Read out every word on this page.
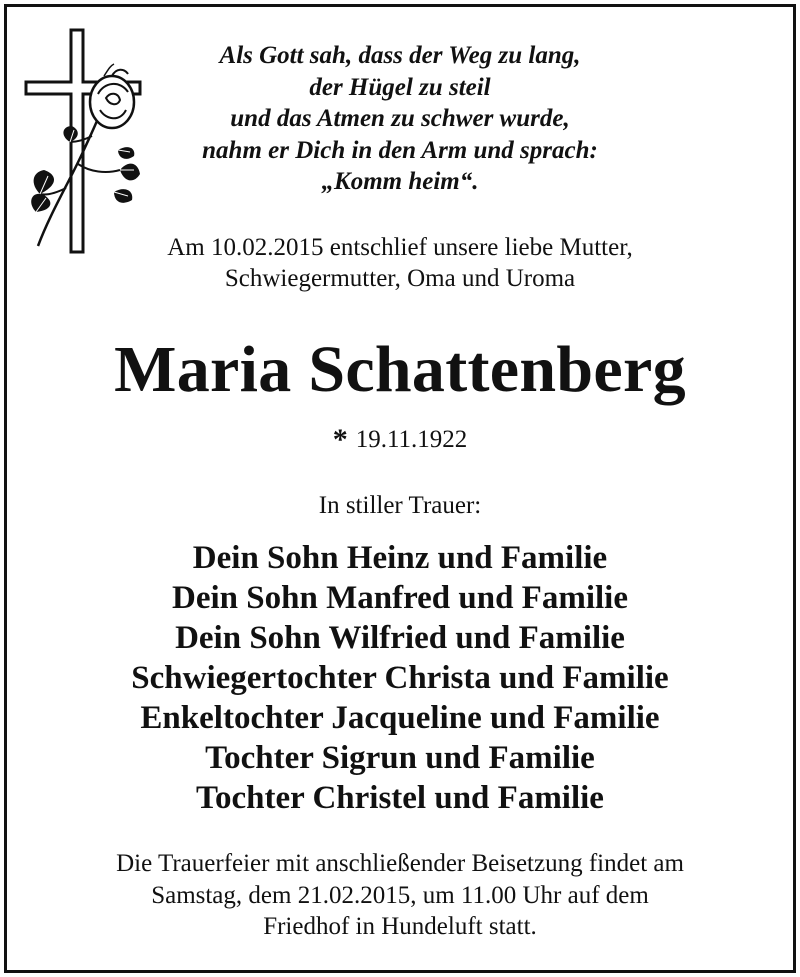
Als Gott sah, dass der Weg zu lang,
der Hügel zu steil
und das Atmen zu schwer wurde,
nahm er Dich in den Arm und sprach:
„Komm heim“.
Am 10.02.2015 entschlief unsere liebe Mutter,
Schwiegermutter, Oma und Uroma
Maria Schattenberg
* 19.11.1922
In stiller Trauer:
Dein Sohn Heinz und Familie
Dein Sohn Manfred und Familie
Dein Sohn Wilfried und Familie
Schwiegertochter Christa und Familie
Enkeltochter Jacqueline und Familie
Tochter Sigrun und Familie
Tochter Christel und Familie
Die Trauerfeier mit anschließender Beisetzung findet am
Samstag, dem 21.02.2015, um 11.00 Uhr auf dem
Friedhof in Hundeluft statt.
